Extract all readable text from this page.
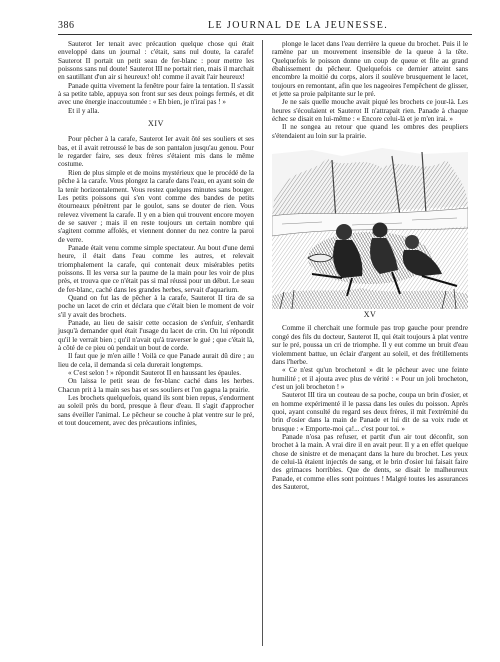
386	LE JOURNAL DE LA JEUNESSE.

Sauterot Ier tenait avec précaution quelque chose qui était enveloppé dans un journal : c'était, sans nul doute, la carafe! Sauterot II portait un petit seau de fer-blanc : pour mettre les poissons sans nul doute! Sauterot III ne portait rien, mais il marchait en sautillant d'un air si heureux! oh! comme il avait l'air heureux!

Panade quitta vivement la fenêtre pour faire la tentation. Il s'assit à sa petite table, appuya son front sur ses deux poings fermés, et dit avec une énergie inaccoutumée : « Eh bien, je n'irai pas ! »

Et il y alla.

XIV

Pour pêcher à la carafe, Sauterot Ier avait ôté ses souliers et ses bas, et il avait retroussé le bas de son pantalon jusqu'au genou. Pour le regarder faire, ses deux frères s'étaient mis dans le même costume.

Rien de plus simple et de moins mystérieux que le procédé de la pêche à la carafe. Vous plongez la carafe dans l'eau, en ayant soin de la tenir horizontalement. Vous restez quelques minutes sans bouger. Les petits poissons qui s'en vont comme des bandes de petits étourneaux pénètrent par le goulot, sans se douter de rien. Vous relevez vivement la carafe. Il y en a bien qui trouvent encore moyen de se sauver ; mais il en reste toujours un certain nombre qui s'agitent comme affolés, et viennent donner du nez contre la paroi de verre.

Panade était venu comme simple spectateur. Au bout d'une demi heure, il était dans l'eau comme les autres, et relevait triomphalement la carafe, qui contenait deux misérables petits poissons. Il les versa sur la paume de la main pour les voir de plus près, et trouva que ce n'était pas si mal réussi pour un début. Le seau de fer-blanc, caché dans les grandes herbes, servait d'aquarium.

Quand on fut las de pêcher à la carafe, Sauterot II tira de sa poche un lacet de crin et déclara que c'était bien le moment de voir s'il y avait des brochets.

Panade, au lieu de saisir cette occasion de s'enfuir, s'enhardit jusqu'à demander quel était l'usage du lacet de crin. On lui répondit qu'il le verrait bien ; qu'il n'avait qu'à traverser le gué ; que c'était là, à côté de ce pieu où pendait un bout de corde.

Il faut que je m'en aille ! Voilà ce que Panade aurait dû dire ; au lieu de cela, il demanda si cela durerait longtemps.

« C'est selon ! » répondit Sauterot II en haussant les épaules.

On laissa le petit seau de fer-blanc caché dans les herbes. Chacun prit à la main ses bas et ses souliers et l'on gagna la prairie.

Les brochets quelquefois, quand ils sont bien repus, s'endorment au soleil près du bord, presque à fleur d'eau. Il s'agit d'approcher sans éveiller l'animal. Le pêcheur se couche à plat ventre sur le pré, et tout doucement, avec des précautions infinies,

plonge le lacet dans l'eau derrière la queue du brochet. Puis il le ramène par un mouvement insensible de la queue à la tête. Quelquefois le poisson donne un coup de queue et file au grand ébahissement du pêcheur. Quelquefois ce dernier atteint sans encombre la moitié du corps, alors il soulève brusquement le lacet, toujours en remontant, afin que les nageoires l'empêchent de glisser, et jette sa proie palpitante sur le pré.

Je ne sais quelle mouche avait piqué les brochets ce jour-là. Les heures s'écoulaient et Sauterot II n'attrapait rien. Panade à chaque échec se disait en lui-même : « Encore celui-là et je m'en irai. »

Il ne songea au retour que quand les ombres des peupliers s'étendaient au loin sur la prairie.

XV

Comme il cherchait une formule pas trop gauche pour prendre congé des fils du docteur, Sauterot II, qui était toujours à plat ventre sur le pré, poussa un cri de triomphe. Il y eut comme un bruit d'eau violemment battue, un éclair d'argent au soleil, et des frétillements dans l'herbe.

« Ce n'est qu'un brochetonl » dit le pêcheur avec une feinte humilité ; et il ajouta avec plus de vérité : « Pour un joli brocheton, c'est un joli brocheton ! »

Sauterot III tira un couteau de sa poche, coupa un brin d'osier, et en homme expérimenté il le passa dans les ouïes du poisson. Après quoi, ayant consulté du regard ses deux frères, il mit l'extrémité du brin d'osier dans la main de Panade et lui dit de sa voix rude et brusque : « Emporte-moi ça!... c'est pour toi. »

Panade n'osa pas refuser, et partit d'un air tout déconfit, son brochet à la main. A vrai dire il en avait peur. Il y a en effet quelque chose de sinistre et de menaçant dans la hure du brochet. Les yeux de celui-là étaient injectés de sang, et le brin d'osier lui faisait faire des grimaces horribles. Que de dents, se disait le malheureux Panade, et comme elles sont pointues ! Malgré toutes les assurances des Sauterot,
